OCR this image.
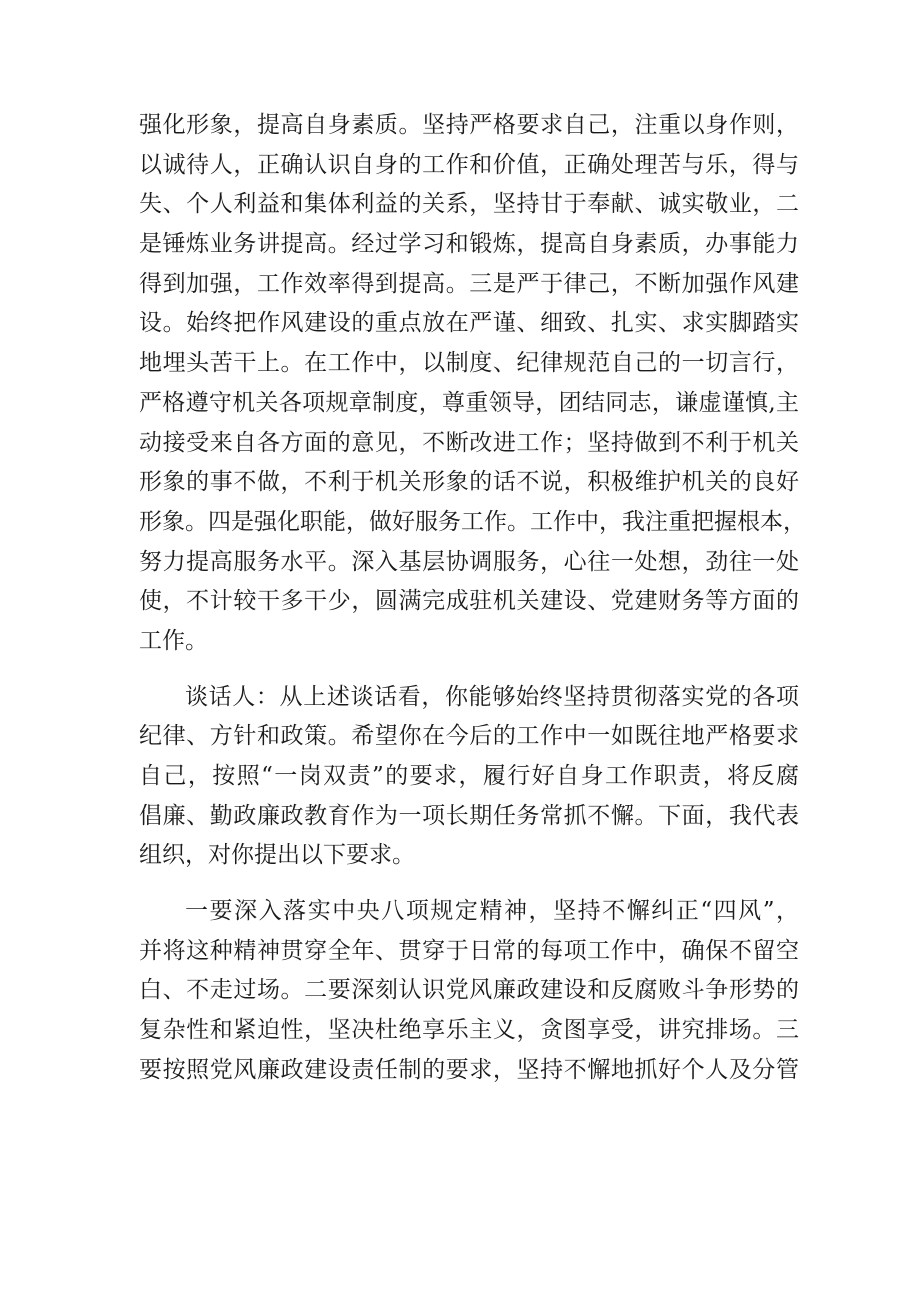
强化形象，提高自身素质。坚持严格要求自己，注重以身作则，
以诚待人，正确认识自身的工作和价值，正确处理苦与乐，得与
失、个人利益和集体利益的关系，坚持甘于奉献、诚实敬业，二
是锤炼业务讲提高。经过学习和锻炼，提高自身素质，办事能力
得到加强，工作效率得到提高。三是严于律己，不断加强作风建
设。始终把作风建设的重点放在严谨、细致、扎实、求实脚踏实
地埋头苦干上。在工作中，以制度、纪律规范自己的一切言行，
严格遵守机关各项规章制度，尊重领导，团结同志，谦虚谨慎,主
动接受来自各方面的意见，不断改进工作；坚持做到不利于机关
形象的事不做，不利于机关形象的话不说，积极维护机关的良好
形象。四是强化职能，做好服务工作。工作中，我注重把握根本，
努力提高服务水平。深入基层协调服务，心往一处想，劲往一处
使，不计较干多干少，圆满完成驻机关建设、党建财务等方面的
工作。
谈话人：从上述谈话看，你能够始终坚持贯彻落实党的各项
纪律、方针和政策。希望你在今后的工作中一如既往地严格要求
自己，按照“一岗双责”的要求，履行好自身工作职责，将反腐
倡廉、勤政廉政教育作为一项长期任务常抓不懈。下面，我代表
组织，对你提出以下要求。
一要深入落实中央八项规定精神，坚持不懈纠正“四风”，
并将这种精神贯穿全年、贯穿于日常的每项工作中，确保不留空
白、不走过场。二要深刻认识党风廉政建设和反腐败斗争形势的
复杂性和紧迫性，坚决杜绝享乐主义，贪图享受，讲究排场。三
要按照党风廉政建设责任制的要求，坚持不懈地抓好个人及分管
